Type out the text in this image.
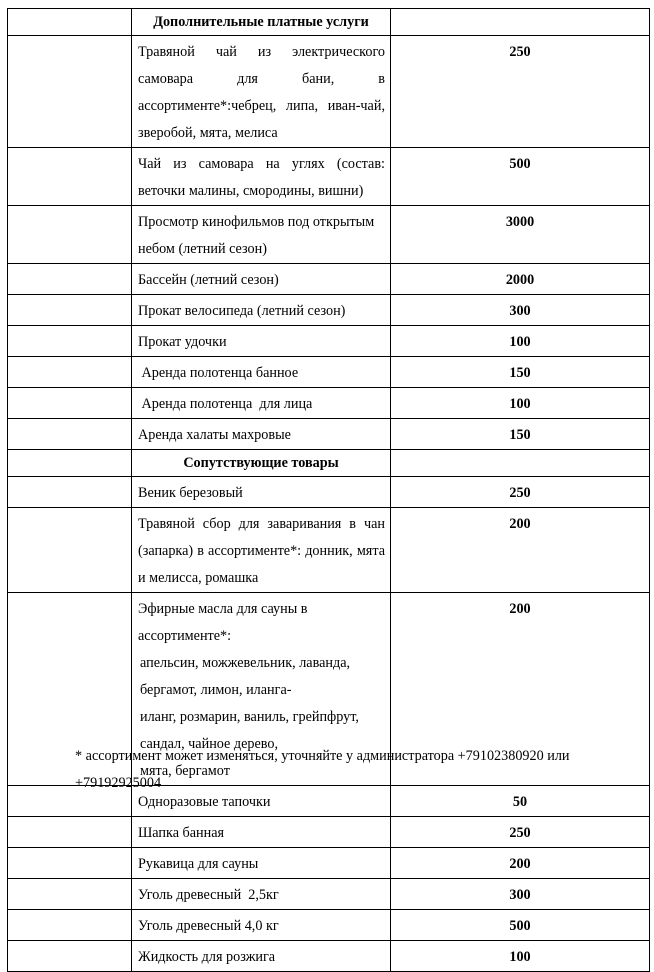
	Дополнительные платные услуги	
	Травяной чай из электрического самовара для бани, в ассортименте*:чебрец, липа, иван-чай, зверобой, мята, мелиса	250
	Чай из самовара на углях (состав: веточки малины, смородины, вишни)	500
	Просмотр кинофильмов под открытым небом (летний сезон)	3000
	Бассейн (летний сезон)	2000
	Прокат велосипеда (летний сезон)	300
	Прокат удочки	100
	Аренда полотенца банное	150
	Аренда полотенца  для лица	100
	Аренда халаты махровые	150
	Сопутствующие товары	
	Веник березовый	250
	Травяной сбор для заваривания в чан (запарка) в ассортименте*: донник, мята и мелисса, ромашка	200

	Эфирные масла для сауны в ассортименте*:
апельсин, можжевельник, лаванда, бергамот, лимон, иланга-
иланг, розмарин, ваниль, грейпфрут, сандал, чайное дерево,
мята, бергамот	200
	Одноразовые тапочки	50
	Шапка банная	250
	Рукавица для сауны	200
	Уголь древесный  2,5кг	300
	Уголь древесный 4,0 кг	500
	Жидкость для розжига	100
* ассортимент может изменяться, уточняйте у администратора +79102380920 или
+79192925004
